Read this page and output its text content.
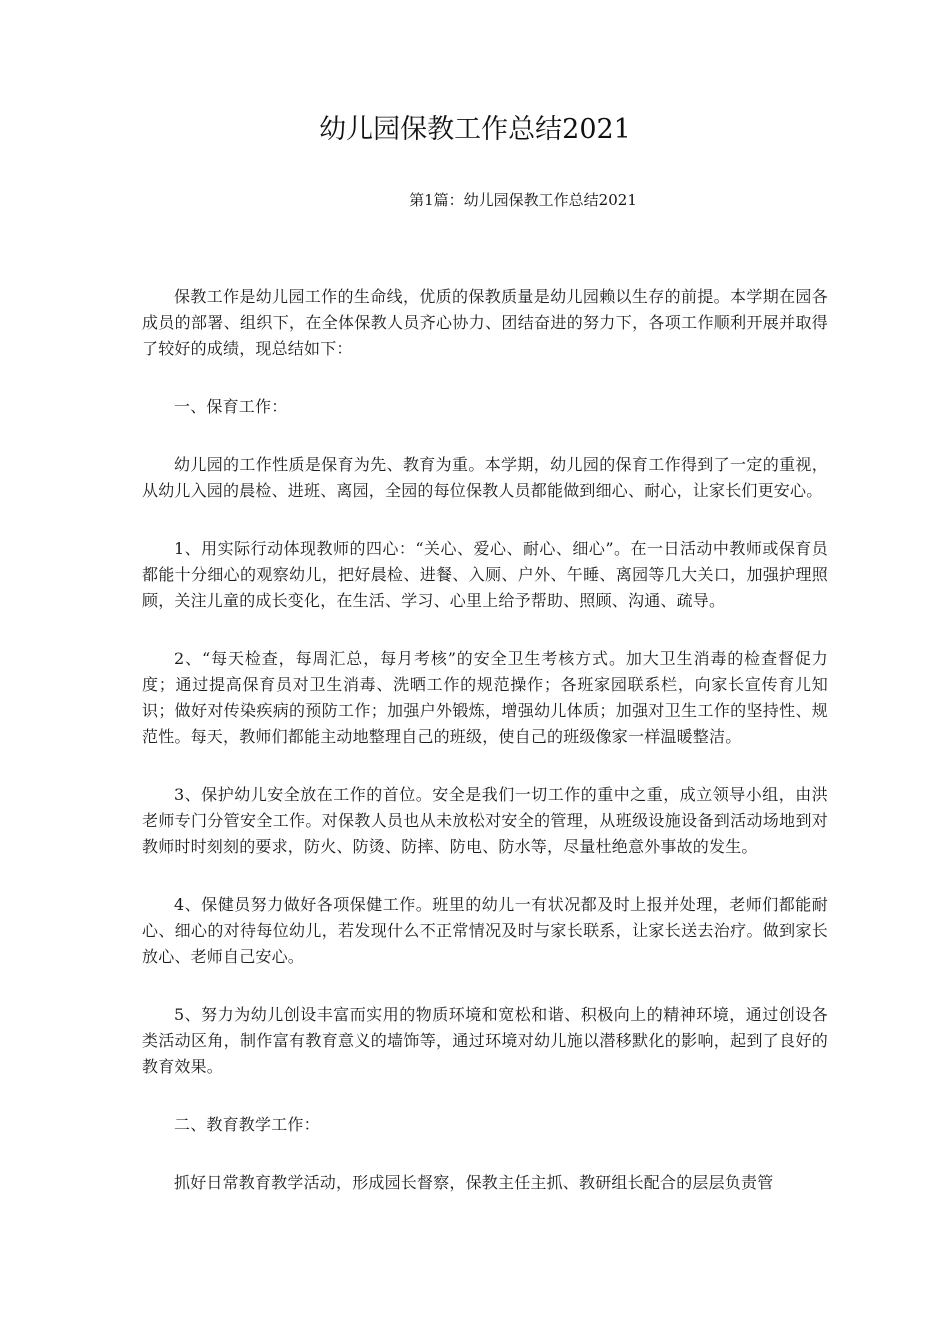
幼儿园保教工作总结2021

第1篇：幼儿园保教工作总结2021

保教工作是幼儿园工作的生命线，优质的保教质量是幼儿园赖以生存的前提。本学期在园各成员的部署、组织下，在全体保教人员齐心协力、团结奋进的努力下，各项工作顺利开展并取得了较好的成绩，现总结如下：

一、保育工作：

幼儿园的工作性质是保育为先、教育为重。本学期，幼儿园的保育工作得到了一定的重视，从幼儿入园的晨检、进班、离园，全园的每位保教人员都能做到细心、耐心，让家长们更安心。

1、用实际行动体现教师的四心：“关心、爱心、耐心、细心”。在一日活动中教师或保育员都能十分细心的观察幼儿，把好晨检、进餐、入厕、户外、午睡、离园等几大关口，加强护理照顾，关注儿童的成长变化，在生活、学习、心里上给予帮助、照顾、沟通、疏导。

2、“每天检查，每周汇总，每月考核”的安全卫生考核方式。加大卫生消毒的检查督促力度；通过提高保育员对卫生消毒、洗晒工作的规范操作；各班家园联系栏，向家长宣传育儿知识；做好对传染疾病的预防工作；加强户外锻炼，增强幼儿体质；加强对卫生工作的坚持性、规范性。每天，教师们都能主动地整理自己的班级，使自己的班级像家一样温暖整洁。

3、保护幼儿安全放在工作的首位。安全是我们一切工作的重中之重，成立领导小组，由洪老师专门分管安全工作。对保教人员也从未放松对安全的管理，从班级设施设备到活动场地到对教师时时刻刻的要求，防火、防烫、防摔、防电、防水等，尽量杜绝意外事故的发生。

4、保健员努力做好各项保健工作。班里的幼儿一有状况都及时上报并处理，老师们都能耐心、细心的对待每位幼儿，若发现什么不正常情况及时与家长联系，让家长送去治疗。做到家长放心、老师自己安心。

5、努力为幼儿创设丰富而实用的物质环境和宽松和谐、积极向上的精神环境，通过创设各类活动区角，制作富有教育意义的墙饰等，通过环境对幼儿施以潜移默化的影响，起到了良好的教育效果。

二、教育教学工作：

抓好日常教育教学活动，形成园长督察，保教主任主抓、教研组长配合的层层负责管
